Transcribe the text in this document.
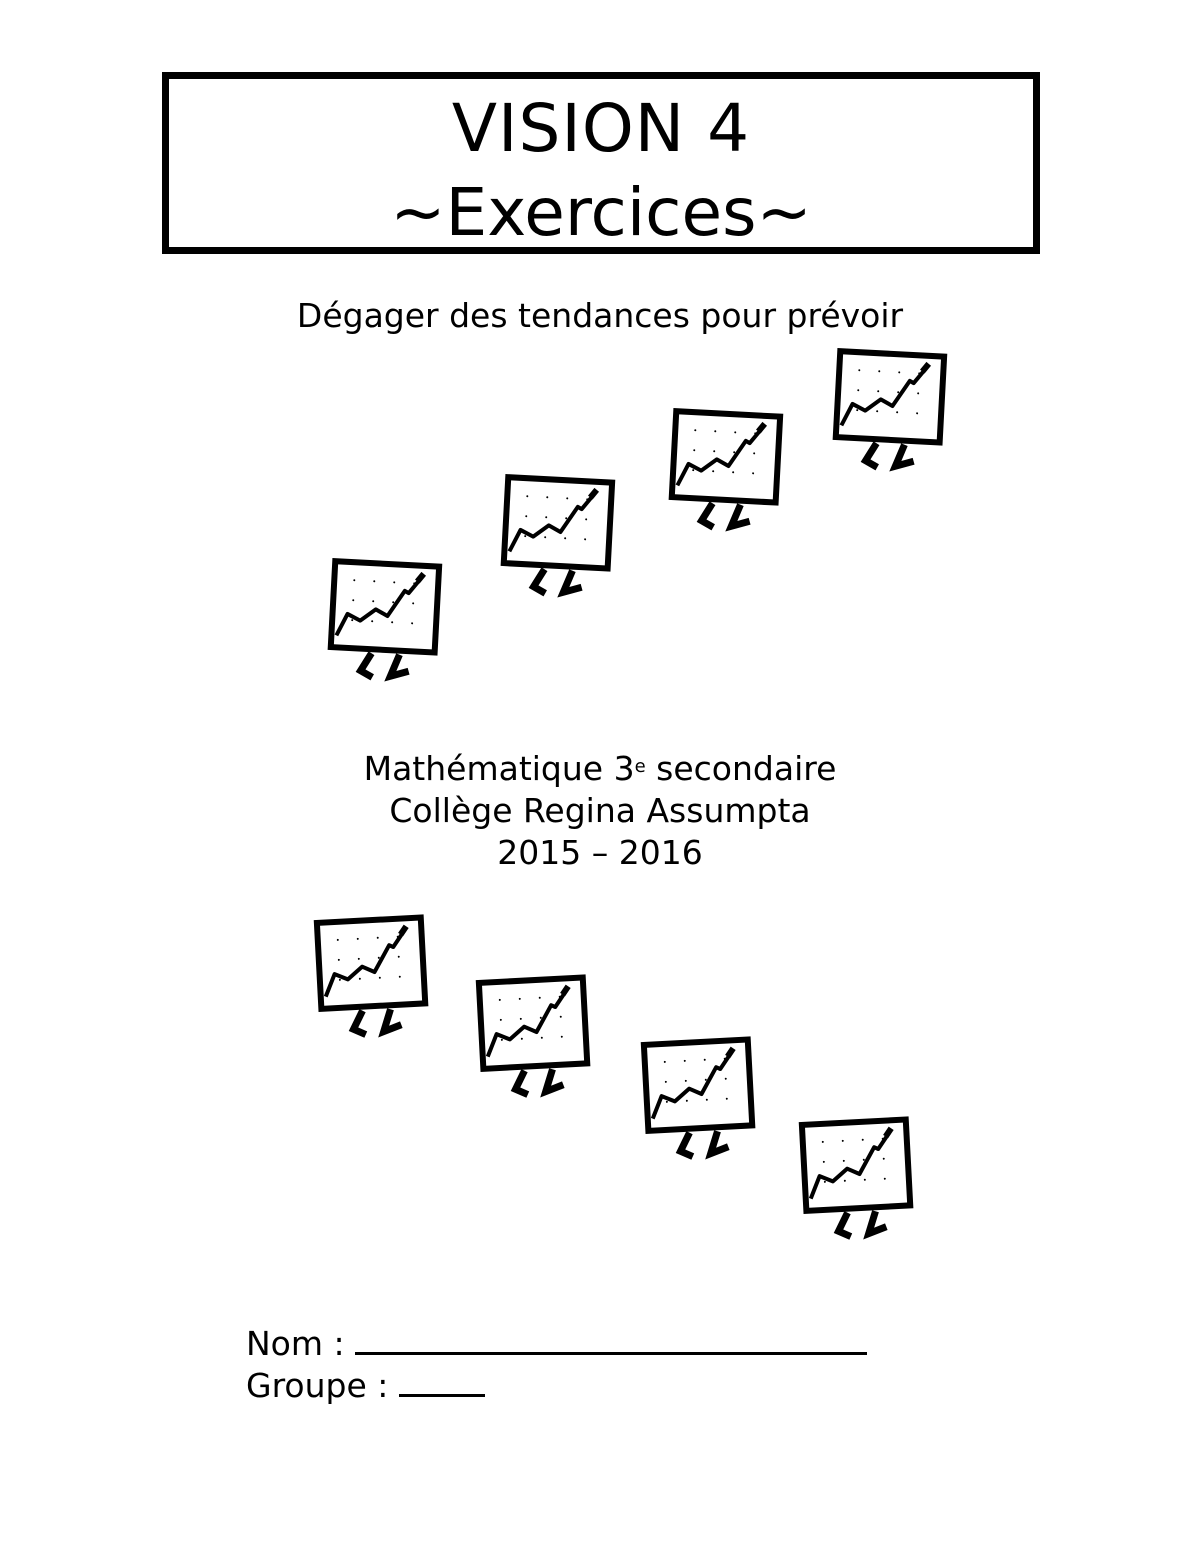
VISION 4
~Exercices~
Dégager des tendances pour prévoir
Mathématique 3e secondaire
Collège Regina Assumpta
2015 – 2016
Nom :
Groupe :
